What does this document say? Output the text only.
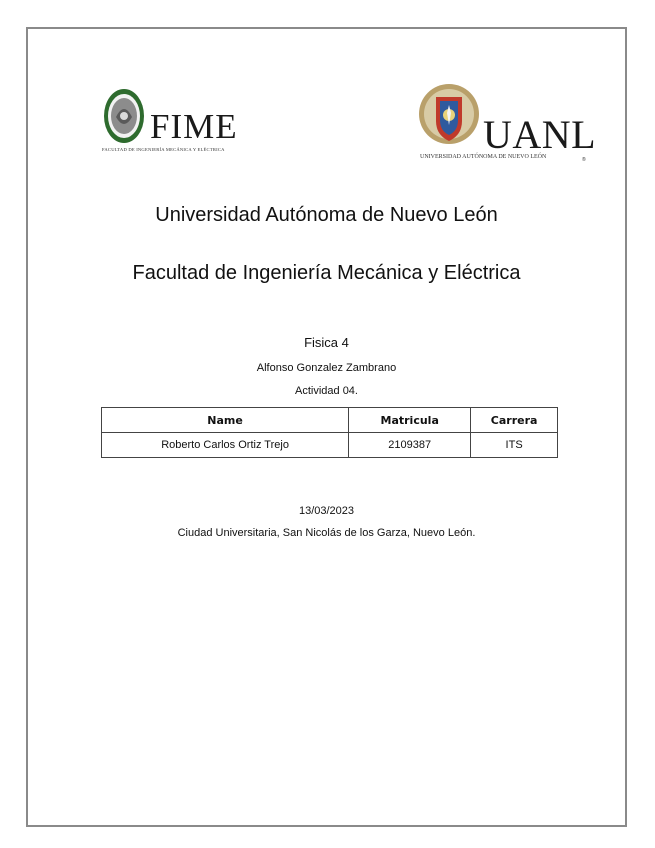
FIME
FACULTAD DE INGENIERÍA MECÁNICA Y ELÉCTRICA	UANL
UNIVERSIDAD AUTÓNOMA DE NUEVO LEÓN	®
Universidad Autónoma de Nuevo León
Facultad de Ingeniería Mecánica y Eléctrica
Fisica 4
Alfonso Gonzalez Zambrano
Actividad 04.
Name	Matricula	Carrera
Roberto Carlos Ortiz Trejo	2109387	ITS
13/03/2023
Ciudad Universitaria, San Nicolás de los Garza, Nuevo León.
